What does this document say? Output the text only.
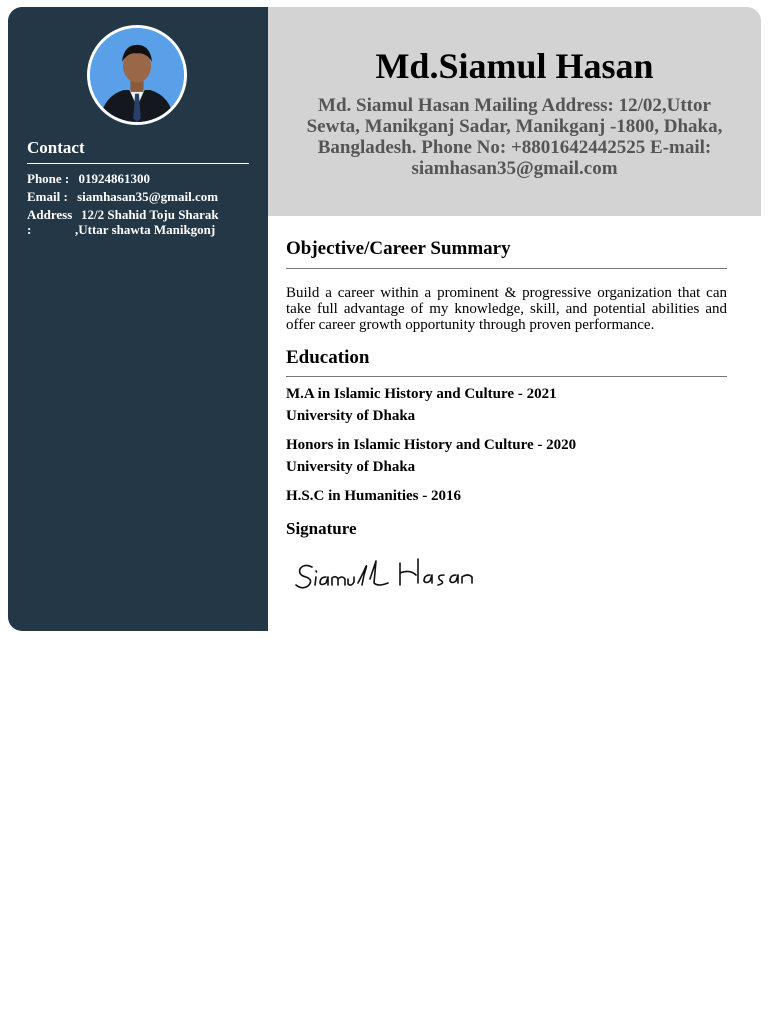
Contact
Phone : 01924861300
Email : siamhasan35@gmail.com
Address :
12/2 Shahid Toju Sharak
,Uttar shawta Manikgonj
Md.Siamul Hasan
Md. Siamul Hasan Mailing Address: 12/02,Uttor Sewta, Manikganj Sadar, Manikganj -1800, Dhaka, Bangladesh. Phone No: +8801642442525 E-mail: siamhasan35@gmail.com
Objective/Career Summary
Build a career within a prominent & progressive organization that can take full advantage of my knowledge, skill, and potential abilities and offer career growth opportunity through proven performance.
Education
M.A in Islamic History and Culture - 2021
University of Dhaka
Honors in Islamic History and Culture - 2020
University of Dhaka
H.S.C in Humanities - 2016
Signature
